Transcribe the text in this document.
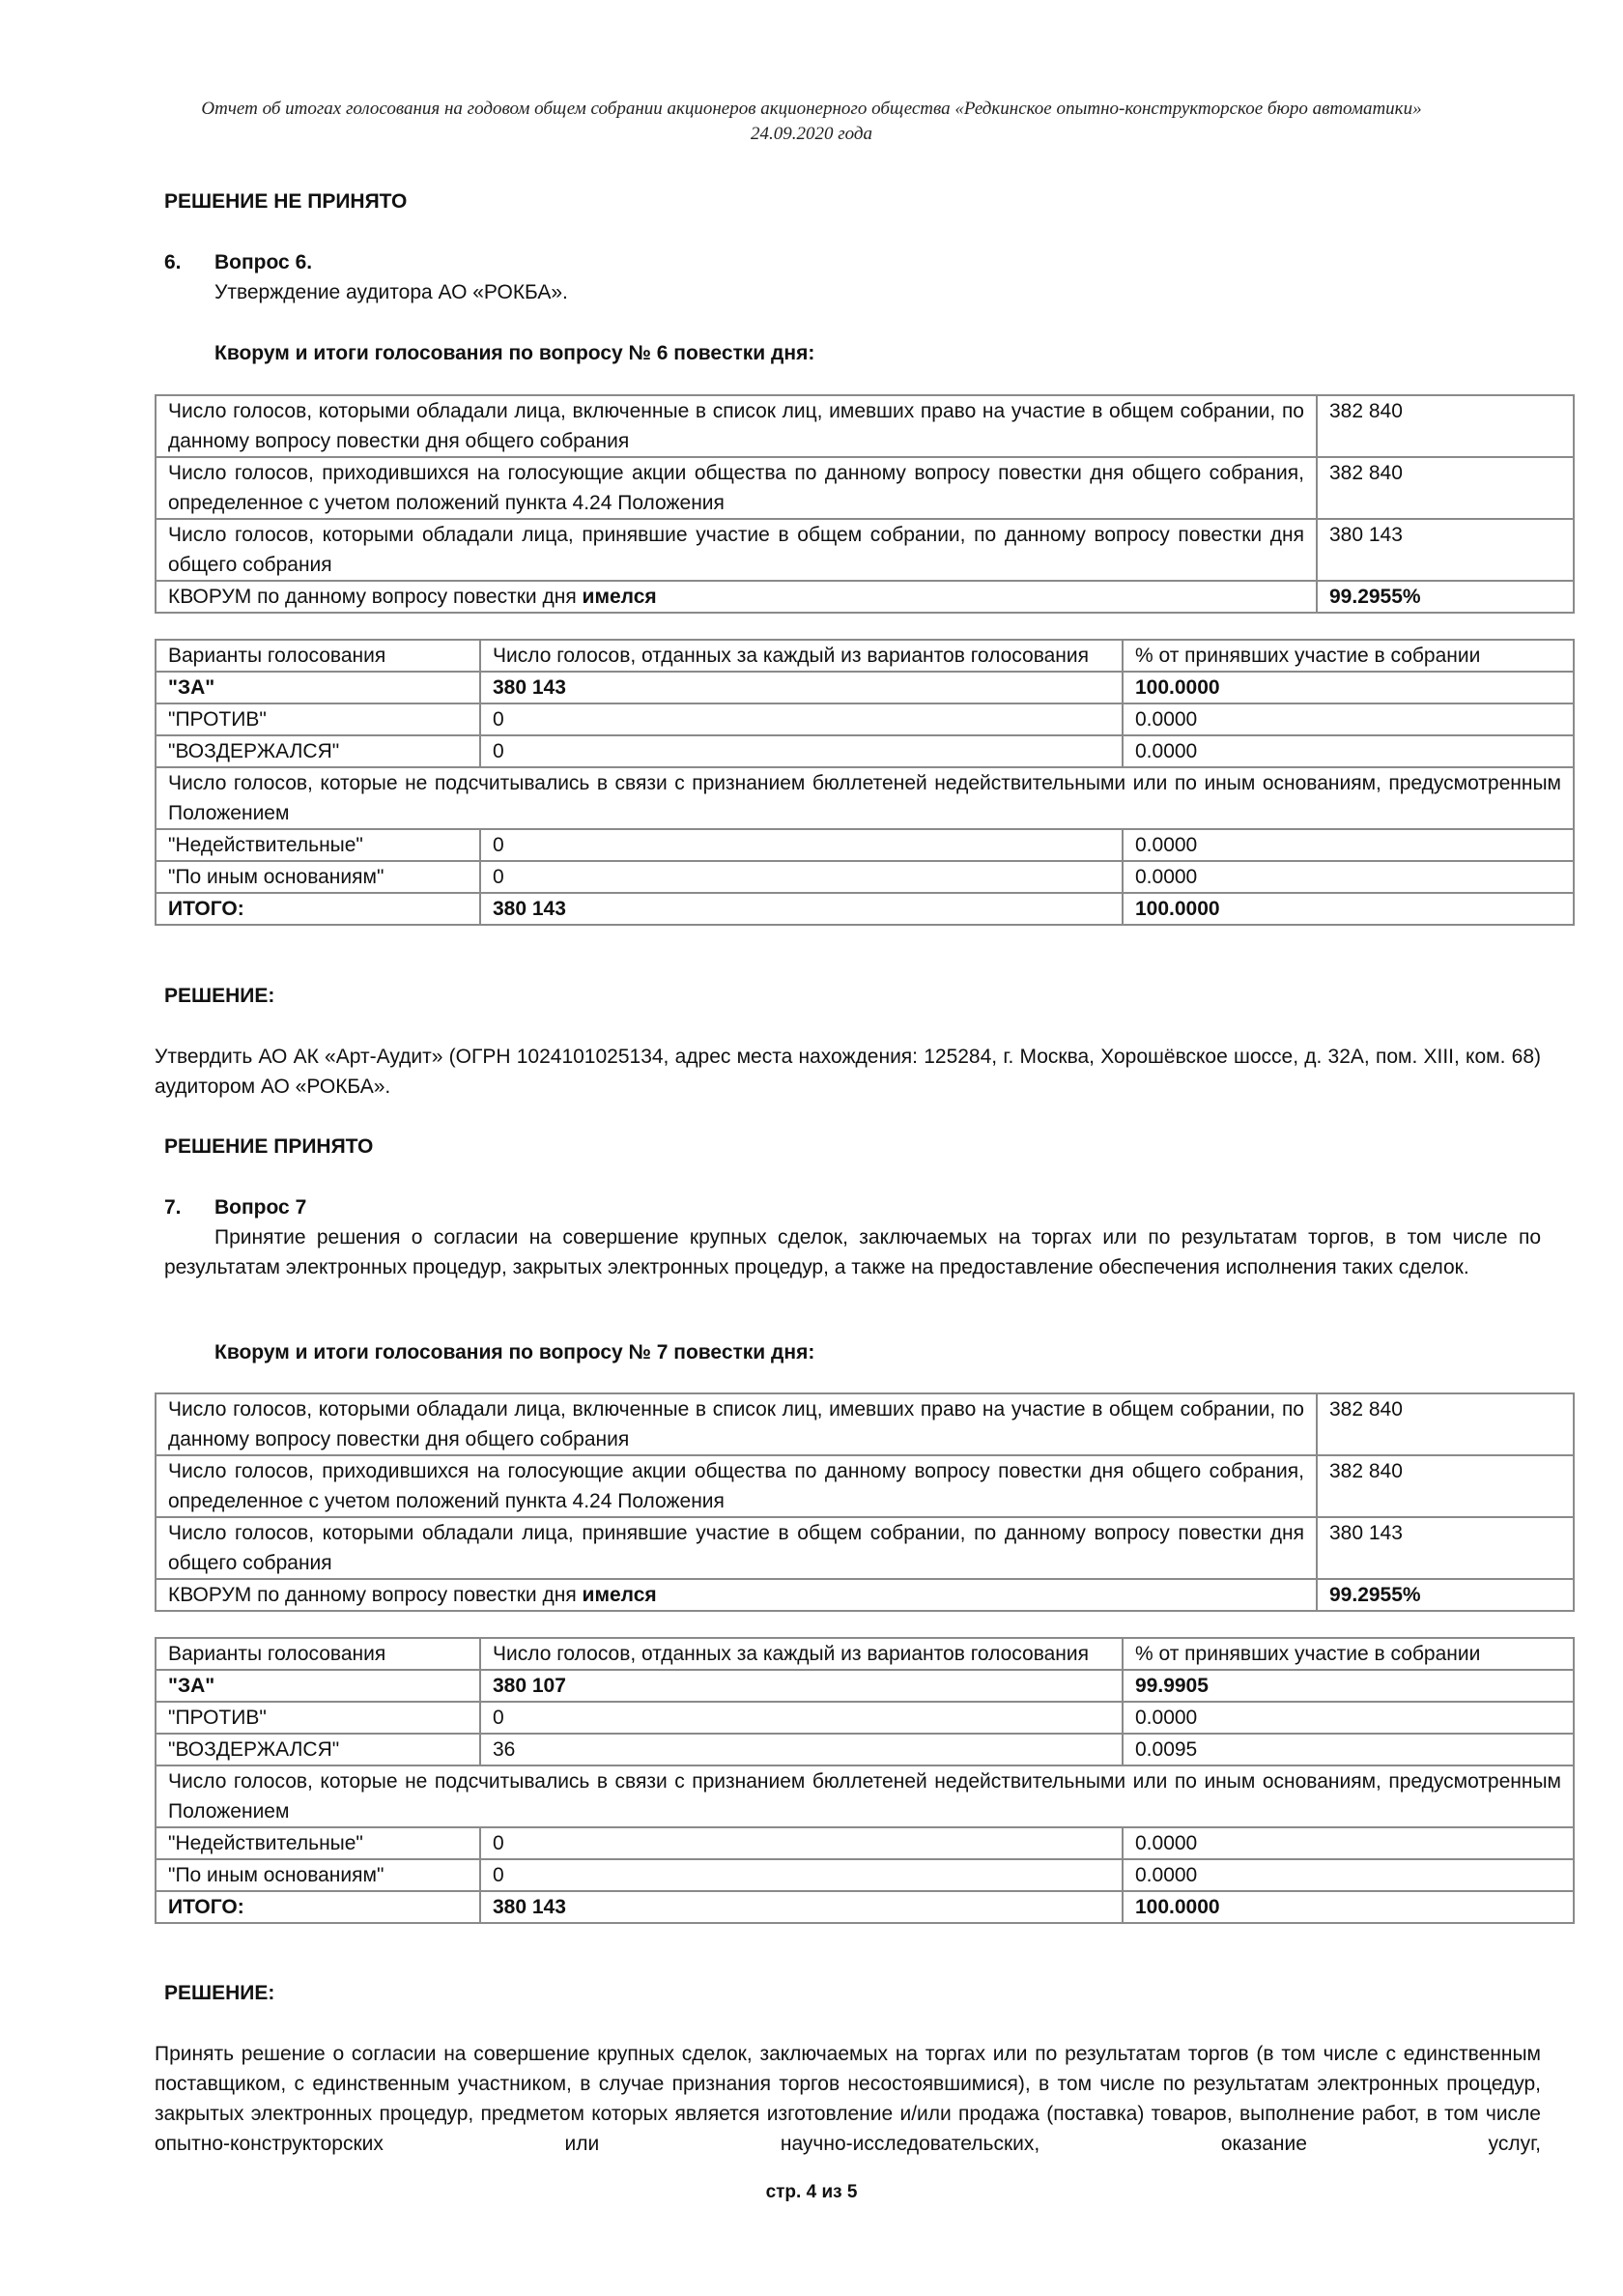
Отчет об итогах голосования на годовом общем собрании акционеров акционерного общества «Редкинское опытно-конструкторское бюро автоматики»
24.09.2020 года
РЕШЕНИЕ НЕ ПРИНЯТО
6. Вопрос 6.
Утверждение аудитора АО «РОКБА».
Кворум и итоги голосования по вопросу № 6 повестки дня:
Число голосов, которыми обладали лица, включенные в список лиц, имевших право на участие в общем собрании, по данному вопросу повестки дня общего собрания	382 840
Число голосов, приходившихся на голосующие акции общества по данному вопросу повестки дня общего собрания, определенное с учетом положений пункта 4.24 Положения	382 840
Число голосов, которыми обладали лица, принявшие участие в общем собрании, по данному вопросу повестки дня общего собрания	380 143
КВОРУМ по данному вопросу повестки дня имелся	99.2955%
Варианты голосования	Число голосов, отданных за каждый из вариантов голосования	% от принявших участие в собрании
"ЗА"	380 143	100.0000
"ПРОТИВ"	0	0.0000
"ВОЗДЕРЖАЛСЯ"	0	0.0000
Число голосов, которые не подсчитывались в связи с признанием бюллетеней недействительными или по иным основаниям, предусмотренным Положением		
"Недействительные"	0	0.0000
"По иным основаниям"	0	0.0000
ИТОГО:	380 143	100.0000
РЕШЕНИЕ:
Утвердить АО АК «Арт-Аудит» (ОГРН 1024101025134, адрес места нахождения: 125284, г. Москва, Хорошёвское шоссе, д. 32А, пом. XIII, ком. 68) аудитором АО «РОКБА».
РЕШЕНИЕ ПРИНЯТО
7. Вопрос 7
Принятие решения о согласии на совершение крупных сделок, заключаемых на торгах или по результатам торгов, в том числе по результатам электронных процедур, закрытых электронных процедур, а также на предоставление обеспечения исполнения таких сделок.
Кворум и итоги голосования по вопросу № 7 повестки дня:
Число голосов, которыми обладали лица, включенные в список лиц, имевших право на участие в общем собрании, по данному вопросу повестки дня общего собрания	382 840
Число голосов, приходившихся на голосующие акции общества по данному вопросу повестки дня общего собрания, определенное с учетом положений пункта 4.24 Положения	382 840
Число голосов, которыми обладали лица, принявшие участие в общем собрании, по данному вопросу повестки дня общего собрания	380 143
КВОРУМ по данному вопросу повестки дня имелся	99.2955%
Варианты голосования	Число голосов, отданных за каждый из вариантов голосования	% от принявших участие в собрании
"ЗА"	380 107	99.9905
"ПРОТИВ"	0	0.0000
"ВОЗДЕРЖАЛСЯ"	36	0.0095
Число голосов, которые не подсчитывались в связи с признанием бюллетеней недействительными или по иным основаниям, предусмотренным Положением		
"Недействительные"	0	0.0000
"По иным основаниям"	0	0.0000
ИТОГО:	380 143	100.0000
РЕШЕНИЕ:
Принять решение о согласии на совершение крупных сделок, заключаемых на торгах или по результатам торгов (в том числе с единственным поставщиком, с единственным участником, в случае признания торгов несостоявшимися), в том числе по результатам электронных процедур, закрытых электронных процедур, предметом которых является изготовление и/или продажа (поставка) товаров, выполнение работ, в том числе опытно-конструкторских или научно-исследовательских, оказание услуг,
стр. 4 из 5
